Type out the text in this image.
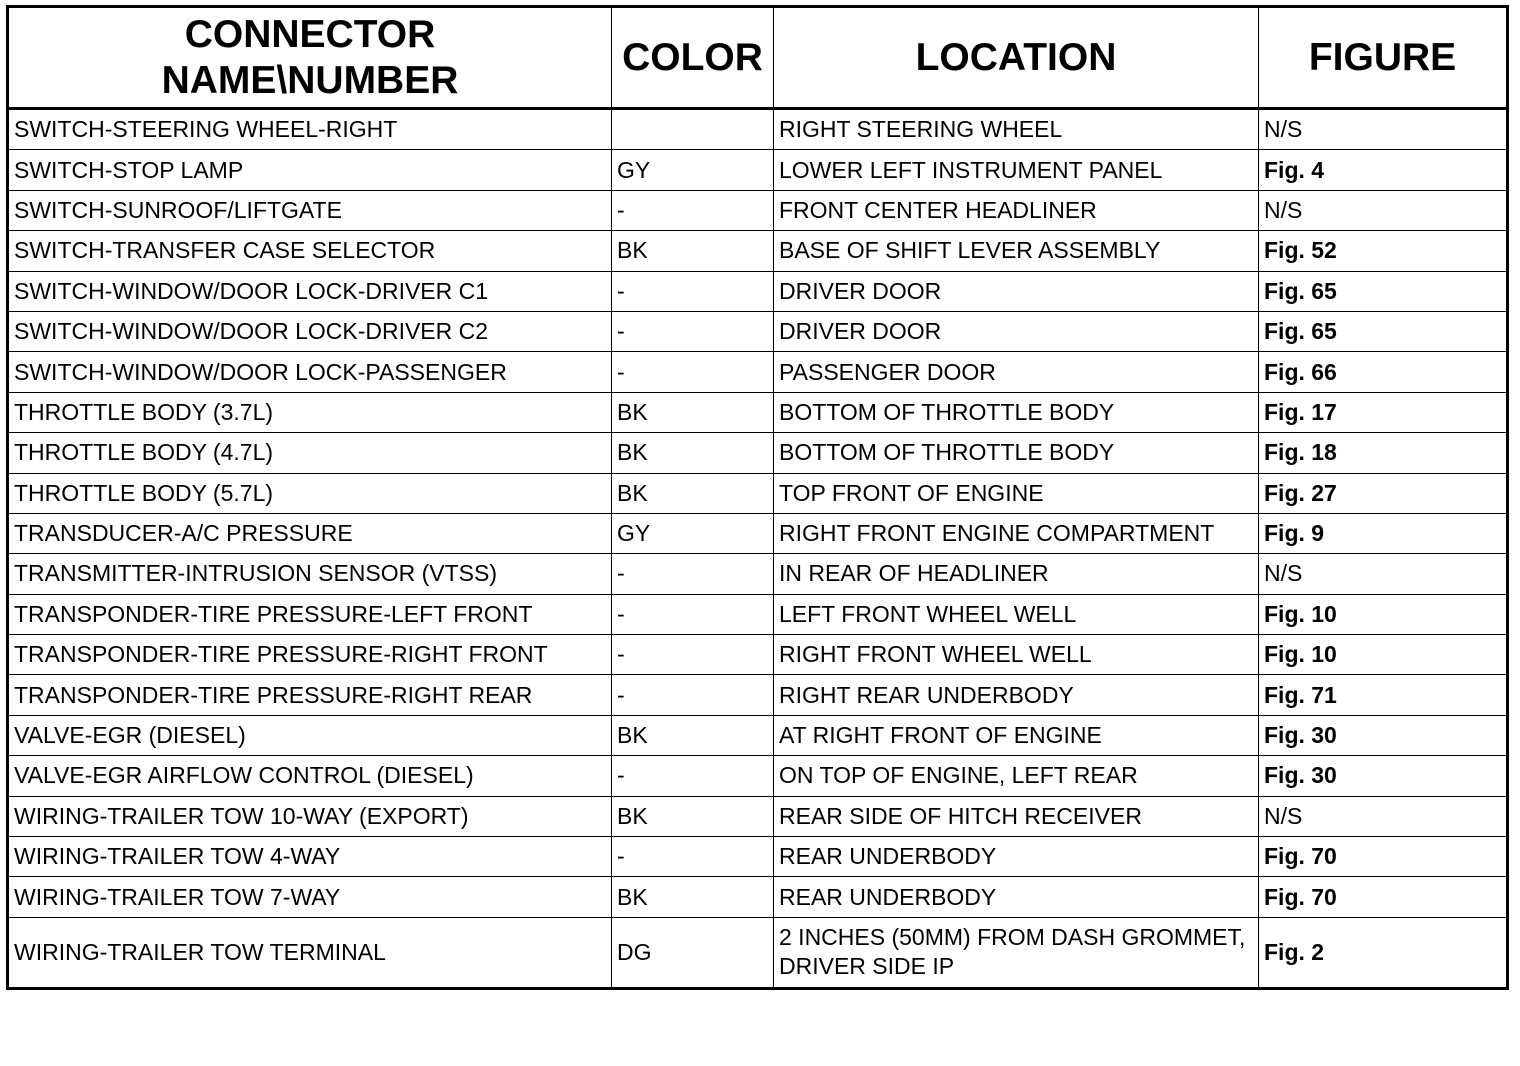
CONNECTOR NAME\NUMBER	COLOR	LOCATION	FIGURE
SWITCH-STEERING WHEEL-RIGHT		RIGHT STEERING WHEEL	N/S
SWITCH-STOP LAMP	GY	LOWER LEFT INSTRUMENT PANEL	Fig. 4
SWITCH-SUNROOF/LIFTGATE	-	FRONT CENTER HEADLINER	N/S
SWITCH-TRANSFER CASE SELECTOR	BK	BASE OF SHIFT LEVER ASSEMBLY	Fig. 52
SWITCH-WINDOW/DOOR LOCK-DRIVER C1	-	DRIVER DOOR	Fig. 65
SWITCH-WINDOW/DOOR LOCK-DRIVER C2	-	DRIVER DOOR	Fig. 65
SWITCH-WINDOW/DOOR LOCK-PASSENGER	-	PASSENGER DOOR	Fig. 66
THROTTLE BODY (3.7L)	BK	BOTTOM OF THROTTLE BODY	Fig. 17
THROTTLE BODY (4.7L)	BK	BOTTOM OF THROTTLE BODY	Fig. 18
THROTTLE BODY (5.7L)	BK	TOP FRONT OF ENGINE	Fig. 27
TRANSDUCER-A/C PRESSURE	GY	RIGHT FRONT ENGINE COMPARTMENT	Fig. 9
TRANSMITTER-INTRUSION SENSOR (VTSS)	-	IN REAR OF HEADLINER	N/S
TRANSPONDER-TIRE PRESSURE-LEFT FRONT	-	LEFT FRONT WHEEL WELL	Fig. 10
TRANSPONDER-TIRE PRESSURE-RIGHT FRONT	-	RIGHT FRONT WHEEL WELL	Fig. 10
TRANSPONDER-TIRE PRESSURE-RIGHT REAR	-	RIGHT REAR UNDERBODY	Fig. 71
VALVE-EGR (DIESEL)	BK	AT RIGHT FRONT OF ENGINE	Fig. 30
VALVE-EGR AIRFLOW CONTROL (DIESEL)	-	ON TOP OF ENGINE, LEFT REAR	Fig. 30
WIRING-TRAILER TOW 10-WAY (EXPORT)	BK	REAR SIDE OF HITCH RECEIVER	N/S
WIRING-TRAILER TOW 4-WAY	-	REAR UNDERBODY	Fig. 70
WIRING-TRAILER TOW 7-WAY	BK	REAR UNDERBODY	Fig. 70
WIRING-TRAILER TOW TERMINAL	DG	2 INCHES (50MM) FROM DASH GROMMET, DRIVER SIDE IP	Fig. 2
